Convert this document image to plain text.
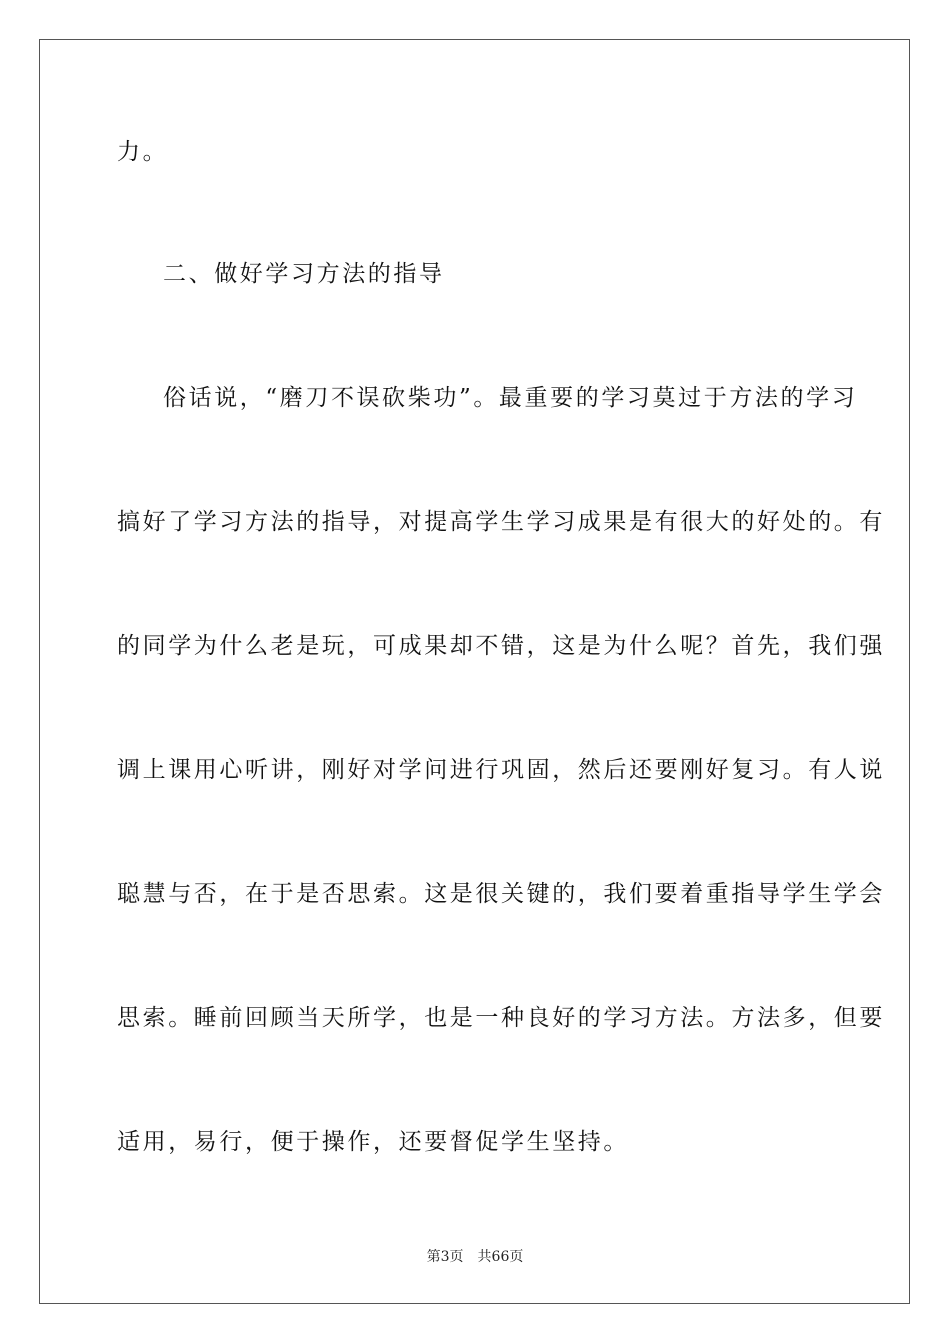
力。
二、做好学习方法的指导
俗话说，“磨刀不误砍柴功”。最重要的学习莫过于方法的学习
搞好了学习方法的指导，对提高学生学习成果是有很大的好处的。有
的同学为什么老是玩，可成果却不错，这是为什么呢？首先，我们强
调上课用心听讲，刚好对学问进行巩固，然后还要刚好复习。有人说
聪慧与否，在于是否思索。这是很关键的，我们要着重指导学生学会
思索。睡前回顾当天所学，也是一种良好的学习方法。方法多，但要
适用，易行，便于操作，还要督促学生坚持。
第3页 共66页
